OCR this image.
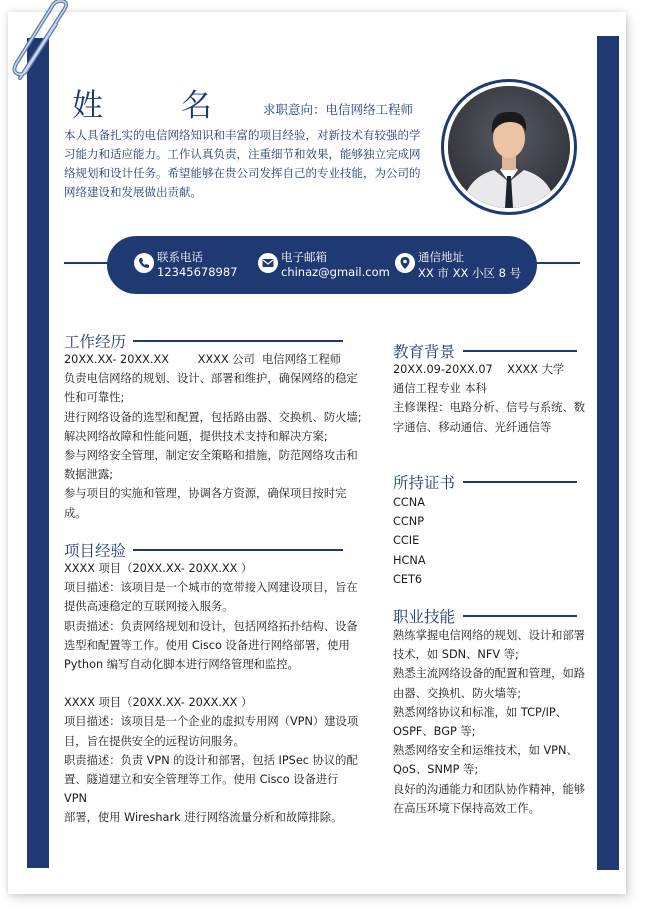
姓 名 求职意向：电信网络工程师
本人具备扎实的电信网络知识和丰富的项目经验，对新技术有较强的学习能力和适应能力。工作认真负责，注重细节和效果，能够独立完成网络规划和设计任务。希望能够在贵公司发挥自己的专业技能，为公司的网络建设和发展做出贡献。
联系电话
12345678987
电子邮箱
chinaz@gmail.com
通信地址
XX 市 XX 小区 8 号
工作经历

20XX.XX- 20XX.XX        XXXX 公司  电信网络工程师

负责电信网络的规划、设计、部署和维护，确保网络的稳定

性和可靠性;

进行网络设备的选型和配置，包括路由器、交换机、防火墙;

解决网络故障和性能问题，提供技术支持和解决方案;

参与网络安全管理，制定安全策略和措施，防范网络攻击和

数据泄露;

参与项目的实施和管理，协调各方资源，确保项目按时完成。

项目经验

XXXX 项目（20XX.XX- 20XX.XX ）

项目描述：该项目是一个城市的宽带接入网建设项目，旨在

提供高速稳定的互联网接入服务。

职责描述：负责网络规划和设计，包括网络拓扑结构、设备

选型和配置等工作。使用 Cisco 设备进行网络部署，使用

Python 编写自动化脚本进行网络管理和监控。

XXXX 项目（20XX.XX- 20XX.XX ）

项目描述：该项目是一个企业的虚拟专用网（VPN）建设项

目，旨在提供安全的远程访问服务。

职责描述：负责 VPN 的设计和部署，包括 IPSec 协议的配

置、隧道建立和安全管理等工作。使用 Cisco 设备进行 VPN

部署，使用 Wireshark 进行网络流量分析和故障排除。

教育背景

20XX.09-20XX.07    XXXX 大学

通信工程专业 本科

主修课程：电路分析、信号与系统、数

字通信、移动通信、光纤通信等

所持证书

CCNA

CCNP

CCIE

HCNA

CET6

职业技能

熟练掌握电信网络的规划、设计和部署

技术，如 SDN、NFV 等;

熟悉主流网络设备的配置和管理，如路

由器、交换机、防火墙等;

熟悉网络协议和标准，如 TCP/IP、

OSPF、BGP 等;

熟悉网络安全和运维技术，如 VPN、

QoS、SNMP 等;

良好的沟通能力和团队协作精神，能够

在高压环境下保持高效工作。
